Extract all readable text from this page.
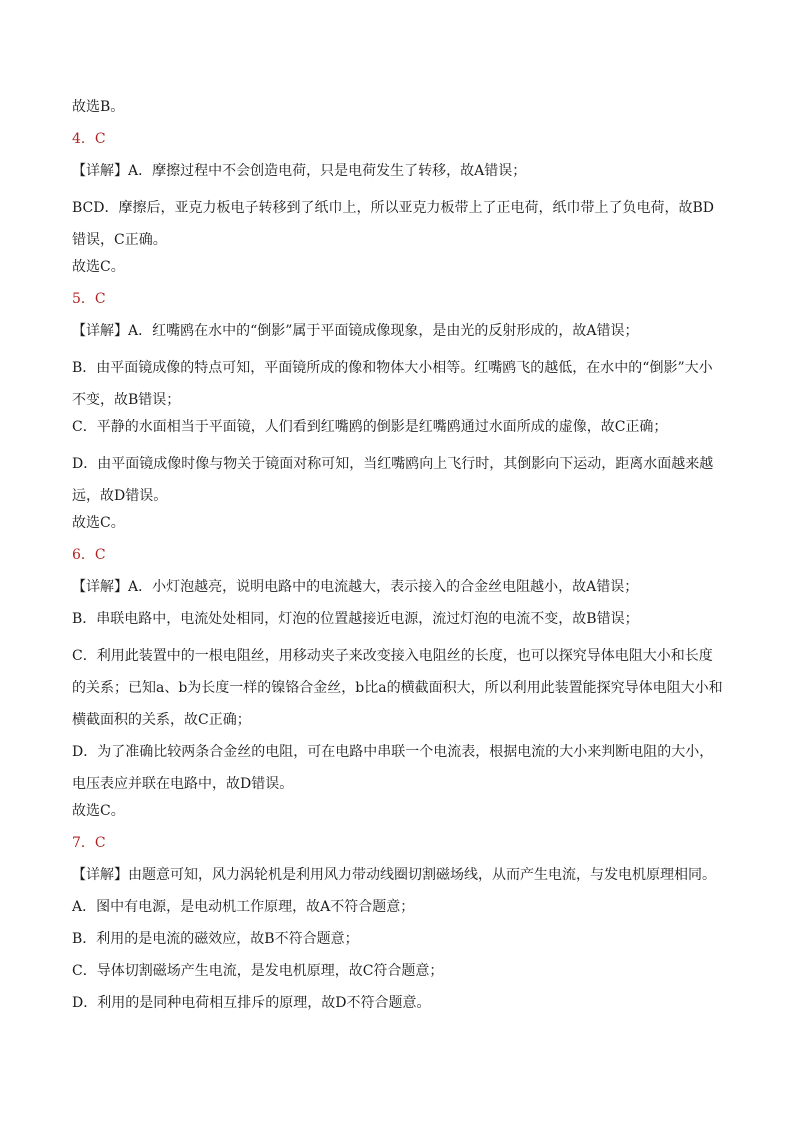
故选B。

4．C

【详解】A．摩擦过程中不会创造电荷，只是电荷发生了转移，故A错误；

BCD．摩擦后，亚克力板电子转移到了纸巾上，所以亚克力板带上了正电荷，纸巾带上了负电荷，故BD错误，C正确。

故选C。

5．C

【详解】A．红嘴鸥在水中的“倒影”属于平面镜成像现象，是由光的反射形成的，故A错误；

B．由平面镜成像的特点可知，平面镜所成的像和物体大小相等。红嘴鸥飞的越低，在水中的“倒影”大小不变，故B错误；

C．平静的水面相当于平面镜，人们看到红嘴鸥的倒影是红嘴鸥通过水面所成的虚像，故C正确；

D．由平面镜成像时像与物关于镜面对称可知，当红嘴鸥向上飞行时，其倒影向下运动，距离水面越来越远，故D错误。

故选C。

6．C

【详解】A．小灯泡越亮，说明电路中的电流越大，表示接入的合金丝电阻越小，故A错误；

B．串联电路中，电流处处相同，灯泡的位置越接近电源，流过灯泡的电流不变，故B错误；

C．利用此装置中的一根电阻丝，用移动夹子来改变接入电阻丝的长度，也可以探究导体电阻大小和长度的关系；已知a、b为长度一样的镍铬合金丝，b比a的横截面积大，所以利用此装置能探究导体电阻大小和横截面积的关系，故C正确；

D．为了准确比较两条合金丝的电阻，可在电路中串联一个电流表，根据电流的大小来判断电阻的大小，电压表应并联在电路中，故D错误。

故选C。

7．C

【详解】由题意可知，风力涡轮机是利用风力带动线圈切割磁场线，从而产生电流，与发电机原理相同。

A．图中有电源，是电动机工作原理，故A不符合题意；

B．利用的是电流的磁效应，故B不符合题意；

C．导体切割磁场产生电流，是发电机原理，故C符合题意；

D．利用的是同种电荷相互排斥的原理，故D不符合题意。
